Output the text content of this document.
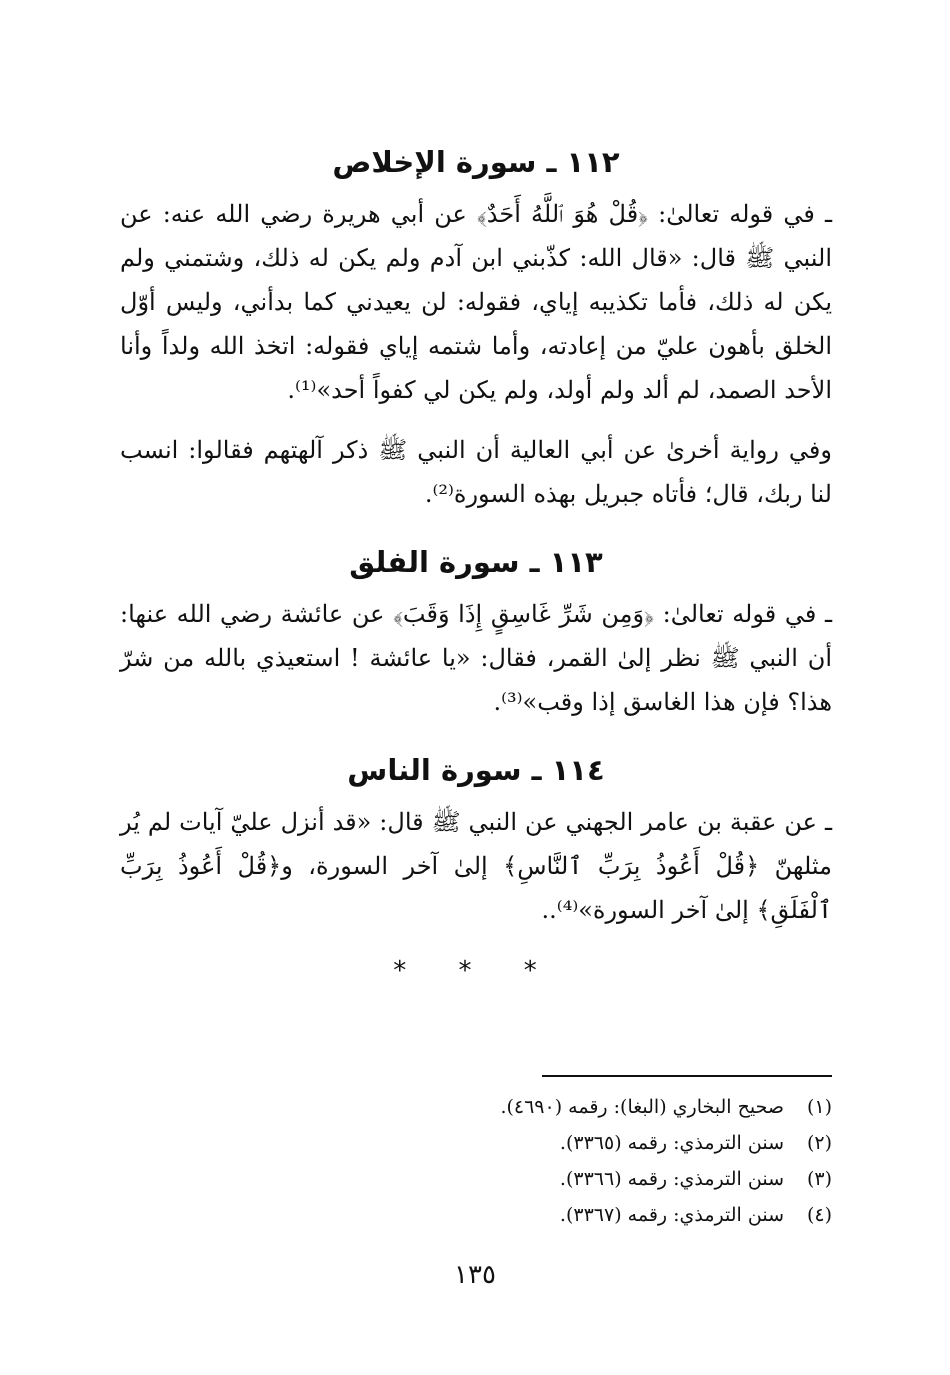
١١٢ ـ سورة الإخلاص

ـ في قوله تعالىٰ: ﴿قُلْ هُوَ ٱللَّهُ أَحَدٌ﴾ عن أبي هريرة رضي الله عنه: عن النبي ﷺ قال: «قال الله: كذّبني ابن آدم ولم يكن له ذلك، وشتمني ولم يكن له ذلك، فأما تكذيبه إياي، فقوله: لن يعيدني كما بدأني، وليس أوّل الخلق بأهون عليّ من إعادته، وأما شتمه إياي فقوله: اتخذ الله ولداً وأنا الأحد الصمد، لم ألد ولم أولد، ولم يكن لي كفواً أحد»⁽¹⁾.

وفي رواية أخرىٰ عن أبي العالية أن النبي ﷺ ذكر آلهتهم فقالوا: انسب لنا ربك، قال؛ فأتاه جبريل بهذه السورة⁽²⁾.

١١٣ ـ سورة الفلق

ـ في قوله تعالىٰ: ﴿وَمِن شَرِّ غَاسِقٍ إِذَا وَقَبَ﴾ عن عائشة رضي الله عنها: أن النبي ﷺ نظر إلىٰ القمر، فقال: «يا عائشة ! استعيذي بالله من شرّ هذا؟ فإن هذا الغاسق إذا وقب»⁽³⁾.

١١٤ ـ سورة الناس

ـ عن عقبة بن عامر الجهني عن النبي ﷺ قال: «قد أنزل عليّ آيات لم يُر مثلهنّ ﴿قُلْ أَعُوذُ بِرَبِّ ٱلنَّاسِ﴾ إلىٰ آخر السورة، و﴿قُلْ أَعُوذُ بِرَبِّ ٱلْفَلَقِ﴾ إلىٰ آخر السورة»⁽⁴⁾..

* * *
(١)
صحيح البخاري (البغا): رقمه (٤٦٩٠).
(٢)
سنن الترمذي: رقمه (٣٣٦٥).
(٣)
سنن الترمذي: رقمه (٣٣٦٦).
(٤)
سنن الترمذي: رقمه (٣٣٦٧).
١٣٥
